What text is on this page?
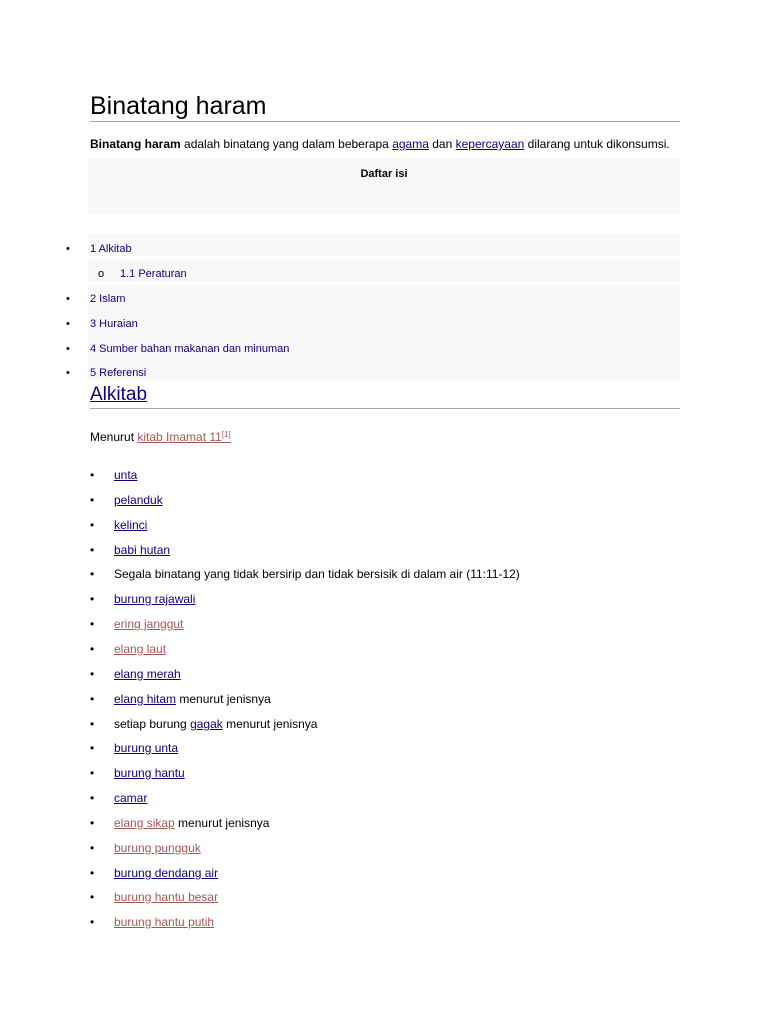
Binatang haram
Binatang haram adalah binatang yang dalam beberapa agama dan kepercayaan dilarang untuk dikonsumsi.
Daftar isi
• 1 Alkitab
o 1.1 Peraturan
• 2 Islam
• 3 Huraian
• 4 Sumber bahan makanan dan minuman
• 5 Referensi
Alkitab
Menurut kitab Imamat 11[1]
• unta
• pelanduk
• kelinci
• babi hutan
• Segala binatang yang tidak bersirip dan tidak bersisik di dalam air (11:11-12)
• burung rajawali
• ering janggut
• elang laut
• elang merah
• elang hitam menurut jenisnya
• setiap burung gagak menurut jenisnya
• burung unta
• burung hantu
• camar
• elang sikap menurut jenisnya
• burung pungguk
• burung dendang air
• burung hantu besar
• burung hantu putih
